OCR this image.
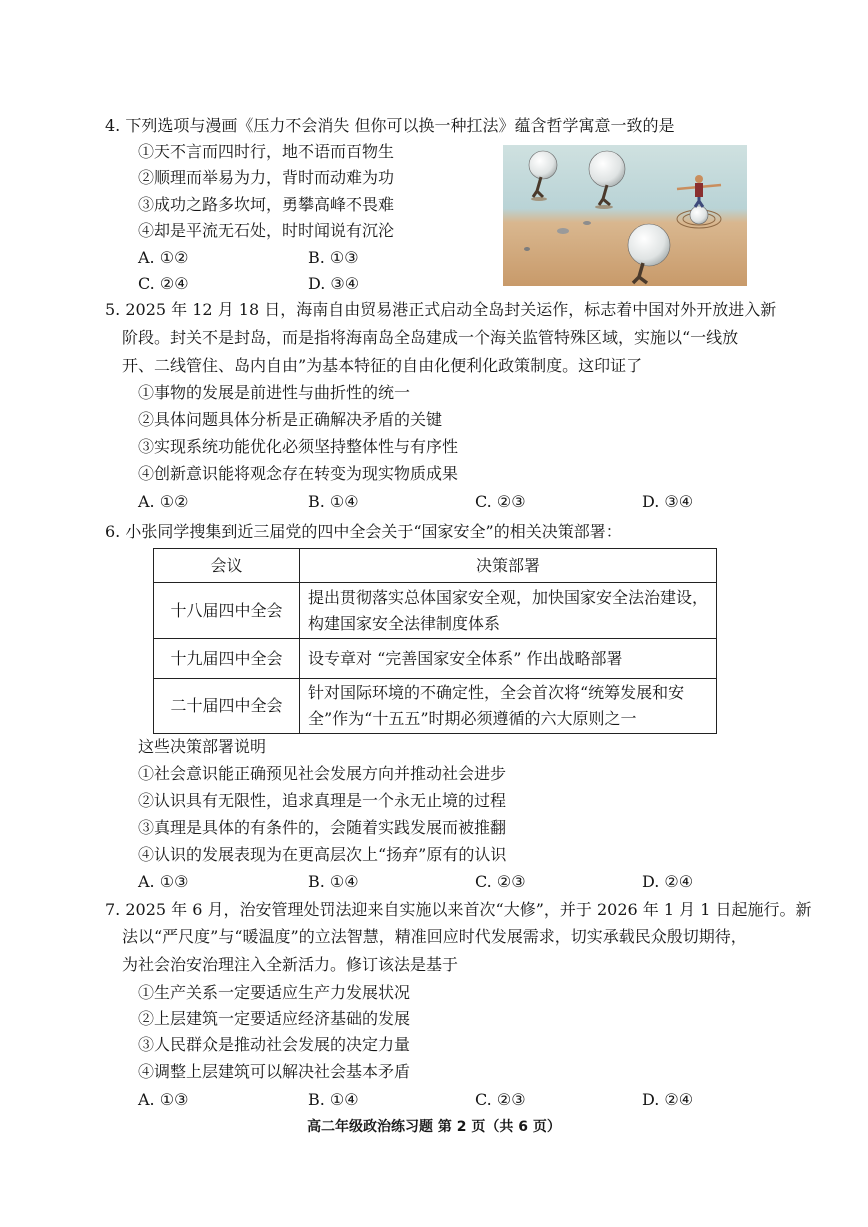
4. 下列选项与漫画《压力不会消失 但你可以换一种扛法》蕴含哲学寓意一致的是
①天不言而四时行，地不语而百物生
②顺理而举易为力，背时而动难为功
③成功之路多坎坷，勇攀高峰不畏难
④却是平流无石处，时时闻说有沉沦
A. ①②	B. ①③
C. ②④	D. ③④
5. 2025 年 12 月 18 日，海南自由贸易港正式启动全岛封关运作，标志着中国对外开放进入新
阶段。封关不是封岛，而是指将海南岛全岛建成一个海关监管特殊区域，实施以“一线放
开、二线管住、岛内自由”为基本特征的自由化便利化政策制度。这印证了
①事物的发展是前进性与曲折性的统一
②具体问题具体分析是正确解决矛盾的关键
③实现系统功能优化必须坚持整体性与有序性
④创新意识能将观念存在转变为现实物质成果
A. ①②	B. ①④	C. ②③	D. ③④
6. 小张同学搜集到近三届党的四中全会关于“国家安全”的相关决策部署：
会议	决策部署
十八届四中全会	提出贯彻落实总体国家安全观，加快国家安全法治建设，构建国家安全法律制度体系
十九届四中全会	设专章对 “完善国家安全体系” 作出战略部署
二十届四中全会	针对国际环境的不确定性，全会首次将“统筹发展和安全”作为“十五五”时期必须遵循的六大原则之一
这些决策部署说明
①社会意识能正确预见社会发展方向并推动社会进步
②认识具有无限性，追求真理是一个永无止境的过程
③真理是具体的有条件的，会随着实践发展而被推翻
④认识的发展表现为在更高层次上“扬弃”原有的认识
A. ①③	B. ①④	C. ②③	D. ②④
7. 2025 年 6 月，治安管理处罚法迎来自实施以来首次“大修”，并于 2026 年 1 月 1 日起施行。新
法以“严尺度”与“暖温度”的立法智慧，精准回应时代发展需求，切实承载民众殷切期待，
为社会治安治理注入全新活力。修订该法是基于
①生产关系一定要适应生产力发展状况
②上层建筑一定要适应经济基础的发展
③人民群众是推动社会发展的决定力量
④调整上层建筑可以解决社会基本矛盾
A. ①③	B. ①④	C. ②③	D. ②④
高二年级政治练习题 第 2 页（共 6 页）
